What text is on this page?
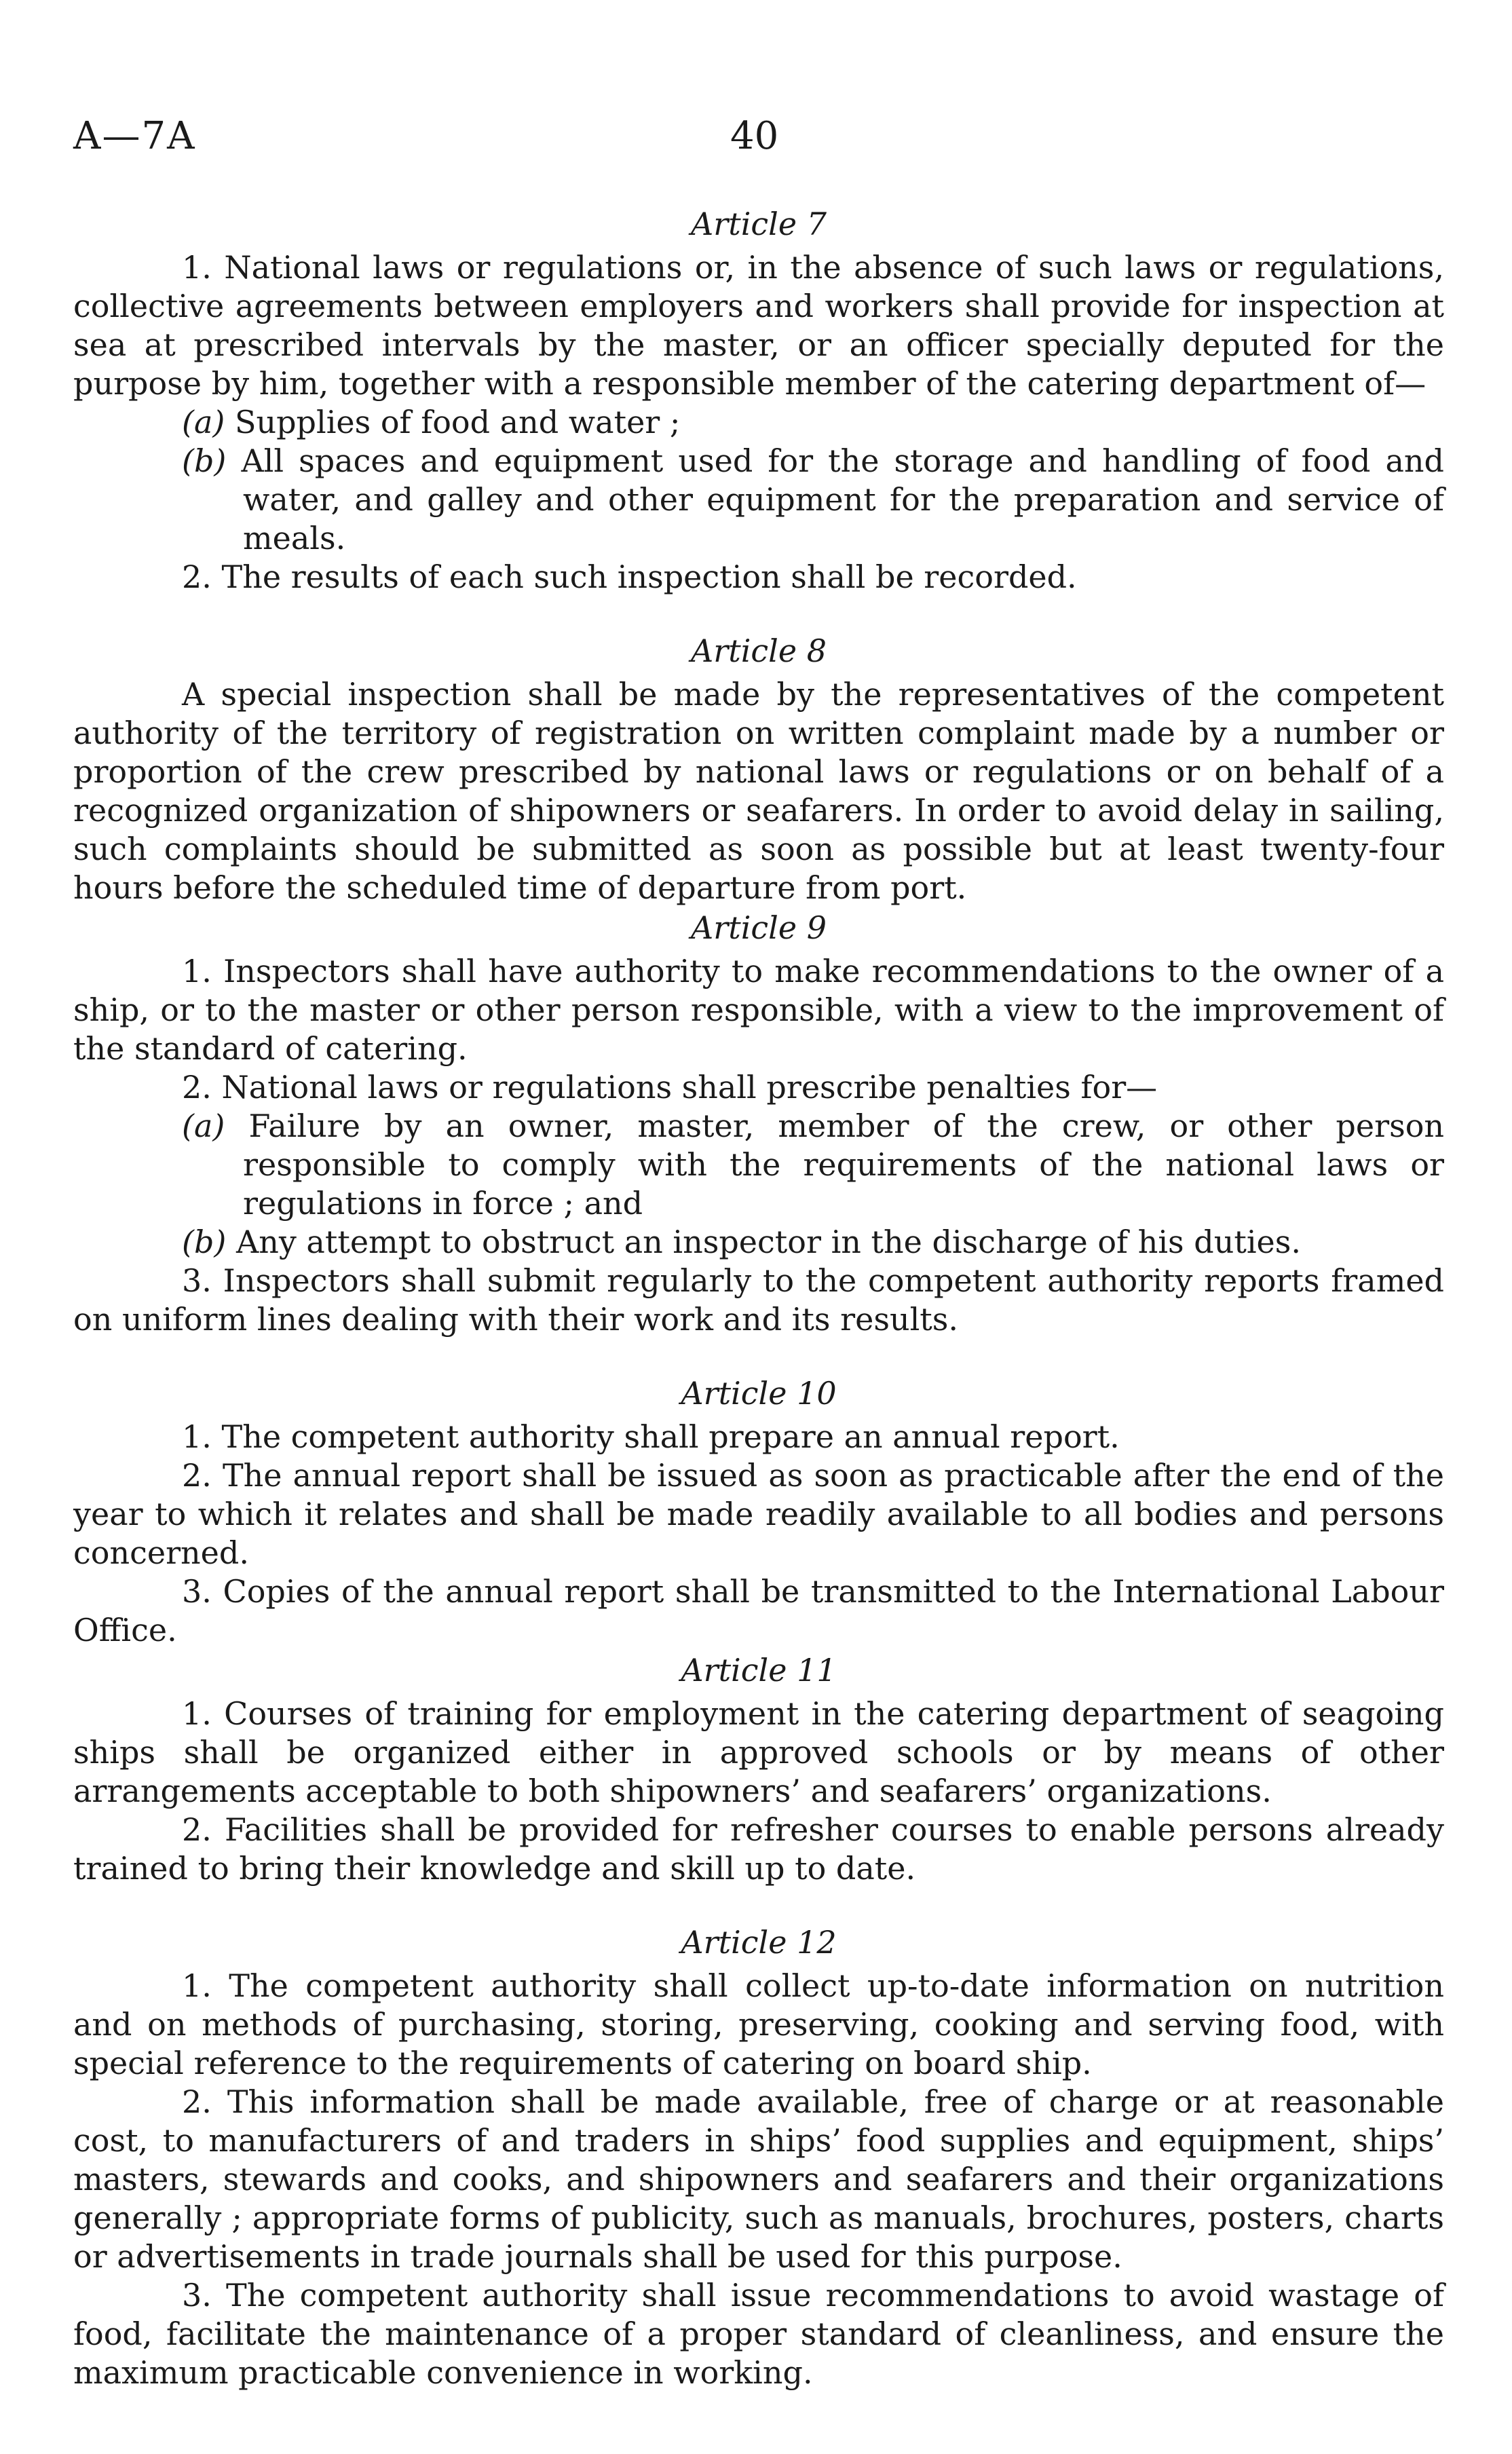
A—7A	40
Article 7

1. National laws or regulations or, in the absence of such laws or regulations, collective agreements between employers and workers shall provide for inspection at sea at prescribed intervals by the master, or an officer specially deputed for the purpose by him, together with a responsible member of the catering department of—

(a) Supplies of food and water ;

(b) All spaces and equipment used for the storage and handling of food and water, and galley and other equipment for the preparation and service of meals.

2. The results of each such inspection shall be recorded.

Article 8

A special inspection shall be made by the representatives of the competent authority of the territory of registration on written complaint made by a number or proportion of the crew prescribed by national laws or regulations or on behalf of a recognized organization of shipowners or seafarers. In order to avoid delay in sailing, such complaints should be submitted as soon as possible but at least twenty-four hours before the scheduled time of departure from port.

Article 9

1. Inspectors shall have authority to make recommendations to the owner of a ship, or to the master or other person responsible, with a view to the improvement of the standard of catering.

2. National laws or regulations shall prescribe penalties for—

(a) Failure by an owner, master, member of the crew, or other person responsible to comply with the requirements of the national laws or regulations in force ; and

(b) Any attempt to obstruct an inspector in the discharge of his duties.

3. Inspectors shall submit regularly to the competent authority reports framed on uniform lines dealing with their work and its results.

Article 10

1. The competent authority shall prepare an annual report.

2. The annual report shall be issued as soon as practicable after the end of the year to which it relates and shall be made readily available to all bodies and persons concerned.

3. Copies of the annual report shall be transmitted to the International Labour Office.

Article 11

1. Courses of training for employment in the catering department of seagoing ships shall be organized either in approved schools or by means of other arrangements acceptable to both shipowners’ and seafarers’ organizations.

2. Facilities shall be provided for refresher courses to enable persons already trained to bring their knowledge and skill up to date.

Article 12

1. The competent authority shall collect up-to-date information on nutrition and on methods of purchasing, storing, preserving, cooking and serving food, with special reference to the requirements of catering on board ship.

2. This information shall be made available, free of charge or at reasonable cost, to manufacturers of and traders in ships’ food supplies and equipment, ships’ masters, stewards and cooks, and shipowners and seafarers and their organizations generally ; appropriate forms of publicity, such as manuals, brochures, posters, charts or advertisements in trade journals shall be used for this purpose.

3. The competent authority shall issue recommendations to avoid wastage of food, facilitate the maintenance of a proper standard of cleanliness, and ensure the maximum practicable convenience in working.
